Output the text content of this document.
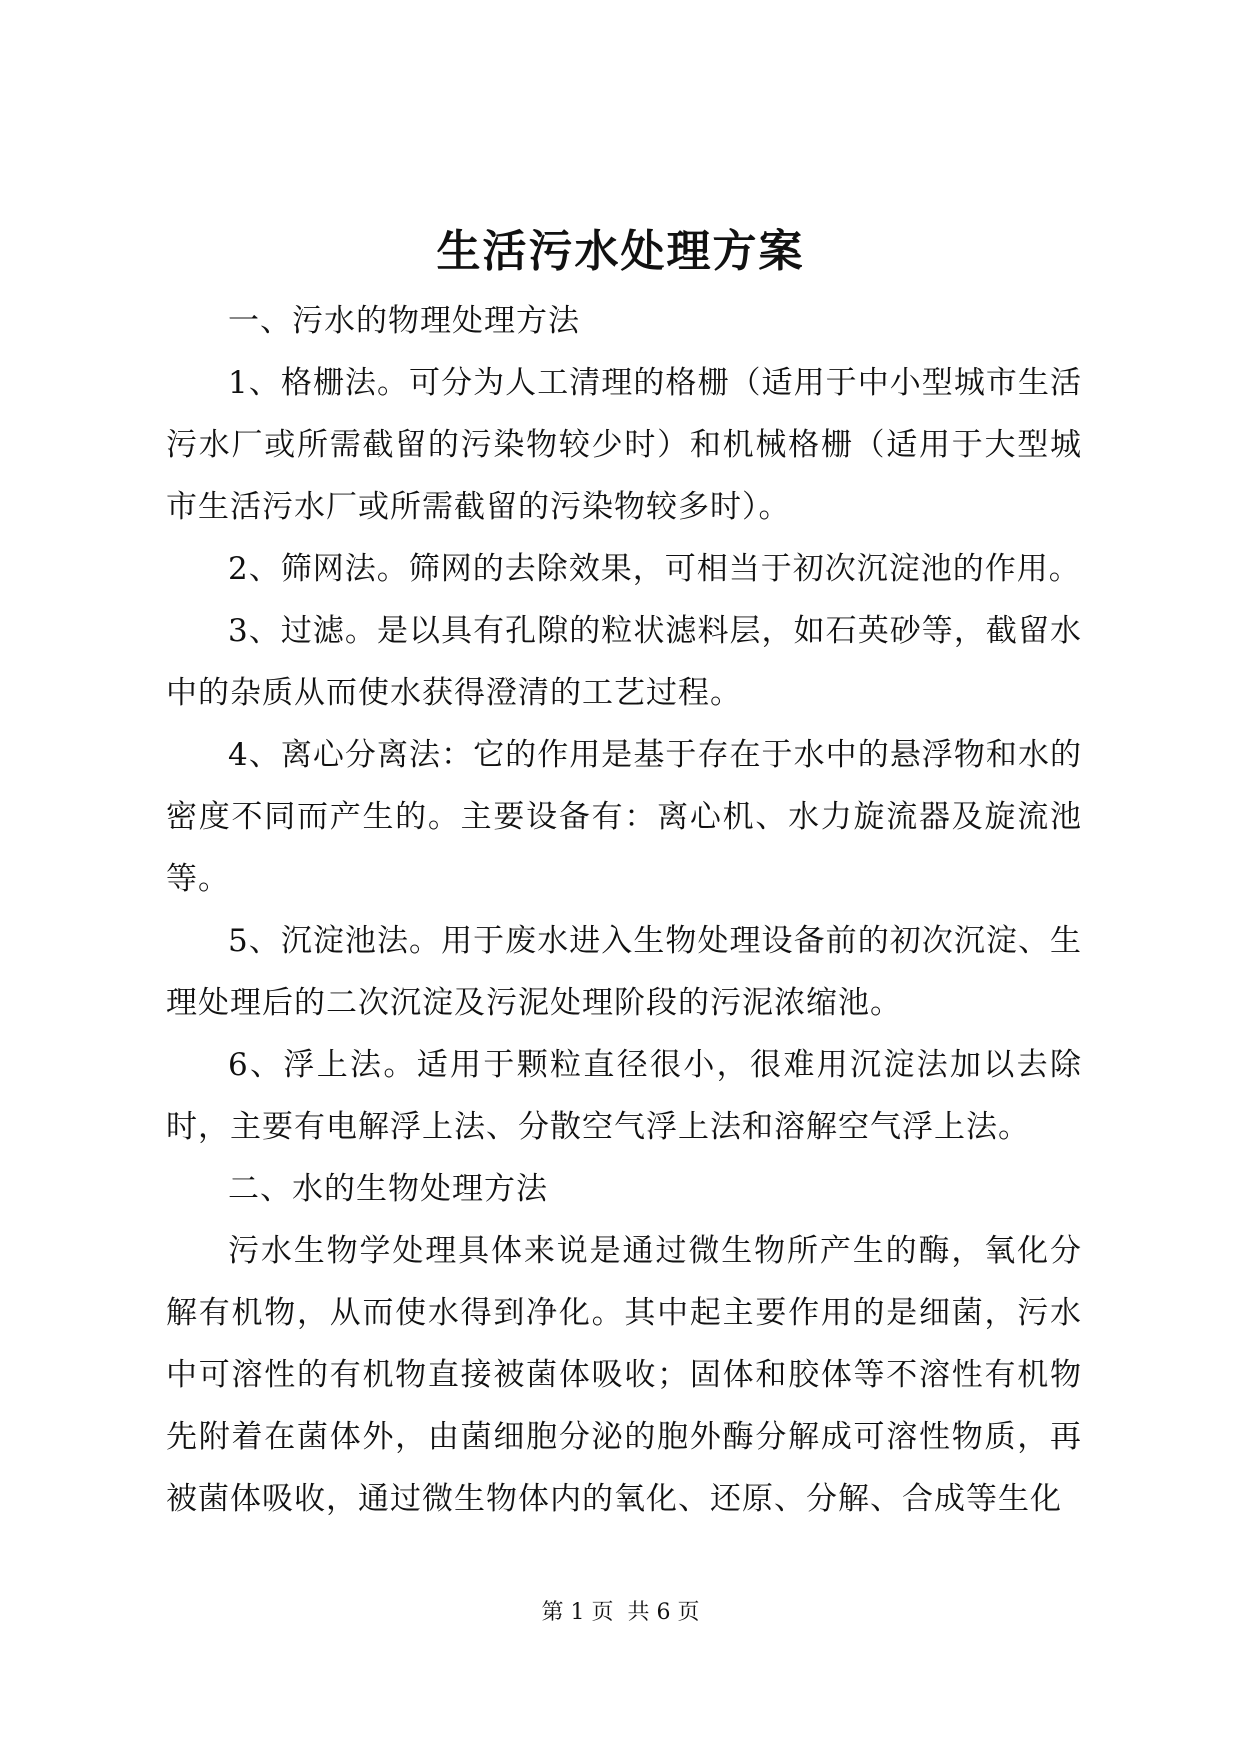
生活污水处理方案

一、污水的物理处理方法

1、格栅法。可分为人工清理的格栅（适用于中小型城市生活污水厂或所需截留的污染物较少时）和机械格栅（适用于大型城市生活污水厂或所需截留的污染物较多时）。

2、筛网法。筛网的去除效果，可相当于初次沉淀池的作用。

3、过滤。是以具有孔隙的粒状滤料层，如石英砂等，截留水中的杂质从而使水获得澄清的工艺过程。

4、离心分离法：它的作用是基于存在于水中的悬浮物和水的密度不同而产生的。主要设备有：离心机、水力旋流器及旋流池等。

5、沉淀池法。用于废水进入生物处理设备前的初次沉淀、生理处理后的二次沉淀及污泥处理阶段的污泥浓缩池。

6、浮上法。适用于颗粒直径很小，很难用沉淀法加以去除时，主要有电解浮上法、分散空气浮上法和溶解空气浮上法。

二、水的生物处理方法

污水生物学处理具体来说是通过微生物所产生的酶，氧化分解有机物，从而使水得到净化。其中起主要作用的是细菌，污水中可溶性的有机物直接被菌体吸收；固体和胶体等不溶性有机物先附着在菌体外，由菌细胞分泌的胞外酶分解成可溶性物质，再被菌体吸收，通过微生物体内的氧化、还原、分解、合成等生化

第 1 页 共 6 页
